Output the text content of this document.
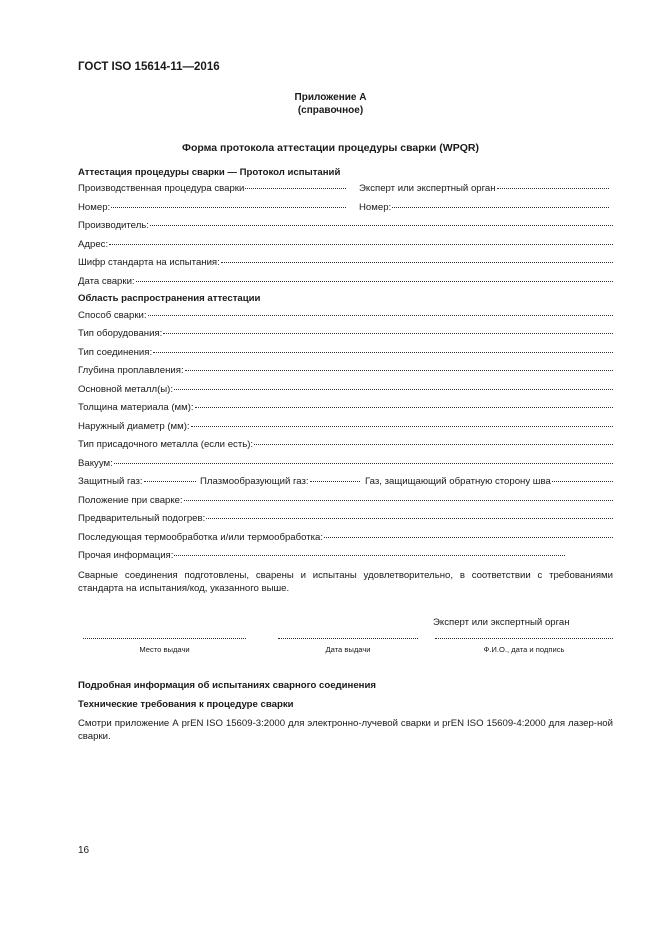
ГОСТ ISO 15614-11—2016
Приложение А
(справочное)
Форма протокола аттестации процедуры сварки (WPQR)
Аттестация процедуры сварки — Протокол испытаний
Производственная процедура сварки	Эксперт или экспертный орган
Номер:	Номер:
Производитель:
Адрес:
Шифр стандарта на испытания:
Дата сварки:
Область распространения аттестации
Способ сварки:
Тип оборудования:
Тип соединения:
Глубина проплавления:
Основной металл(ы):
Толщина материала (мм):
Наружный диаметр (мм):
Тип присадочного металла (если есть):
Вакуум:
Защитный газ:	Плазмообразующий газ:	Газ, защищающий обратную сторону шва
Положение при сварке:
Предварительный подогрев:
Последующая термообработка и/или термообработка:
Прочая информация:
Сварные соединения подготовлены, сварены и испытаны удовлетворительно, в соответствии с требованиями стандарта на испытания/код, указанного выше.
Эксперт или экспертный орган
Место выдачи	Дата выдачи	Ф.И.О., дата и подпись
Подробная информация об испытаниях сварного соединения
Технические требования к процедуре сварки
Смотри приложение А prEN ISO 15609-3:2000 для электронно-лучевой сварки и prEN ISO 15609-4:2000 для лазер-ной сварки.
16
